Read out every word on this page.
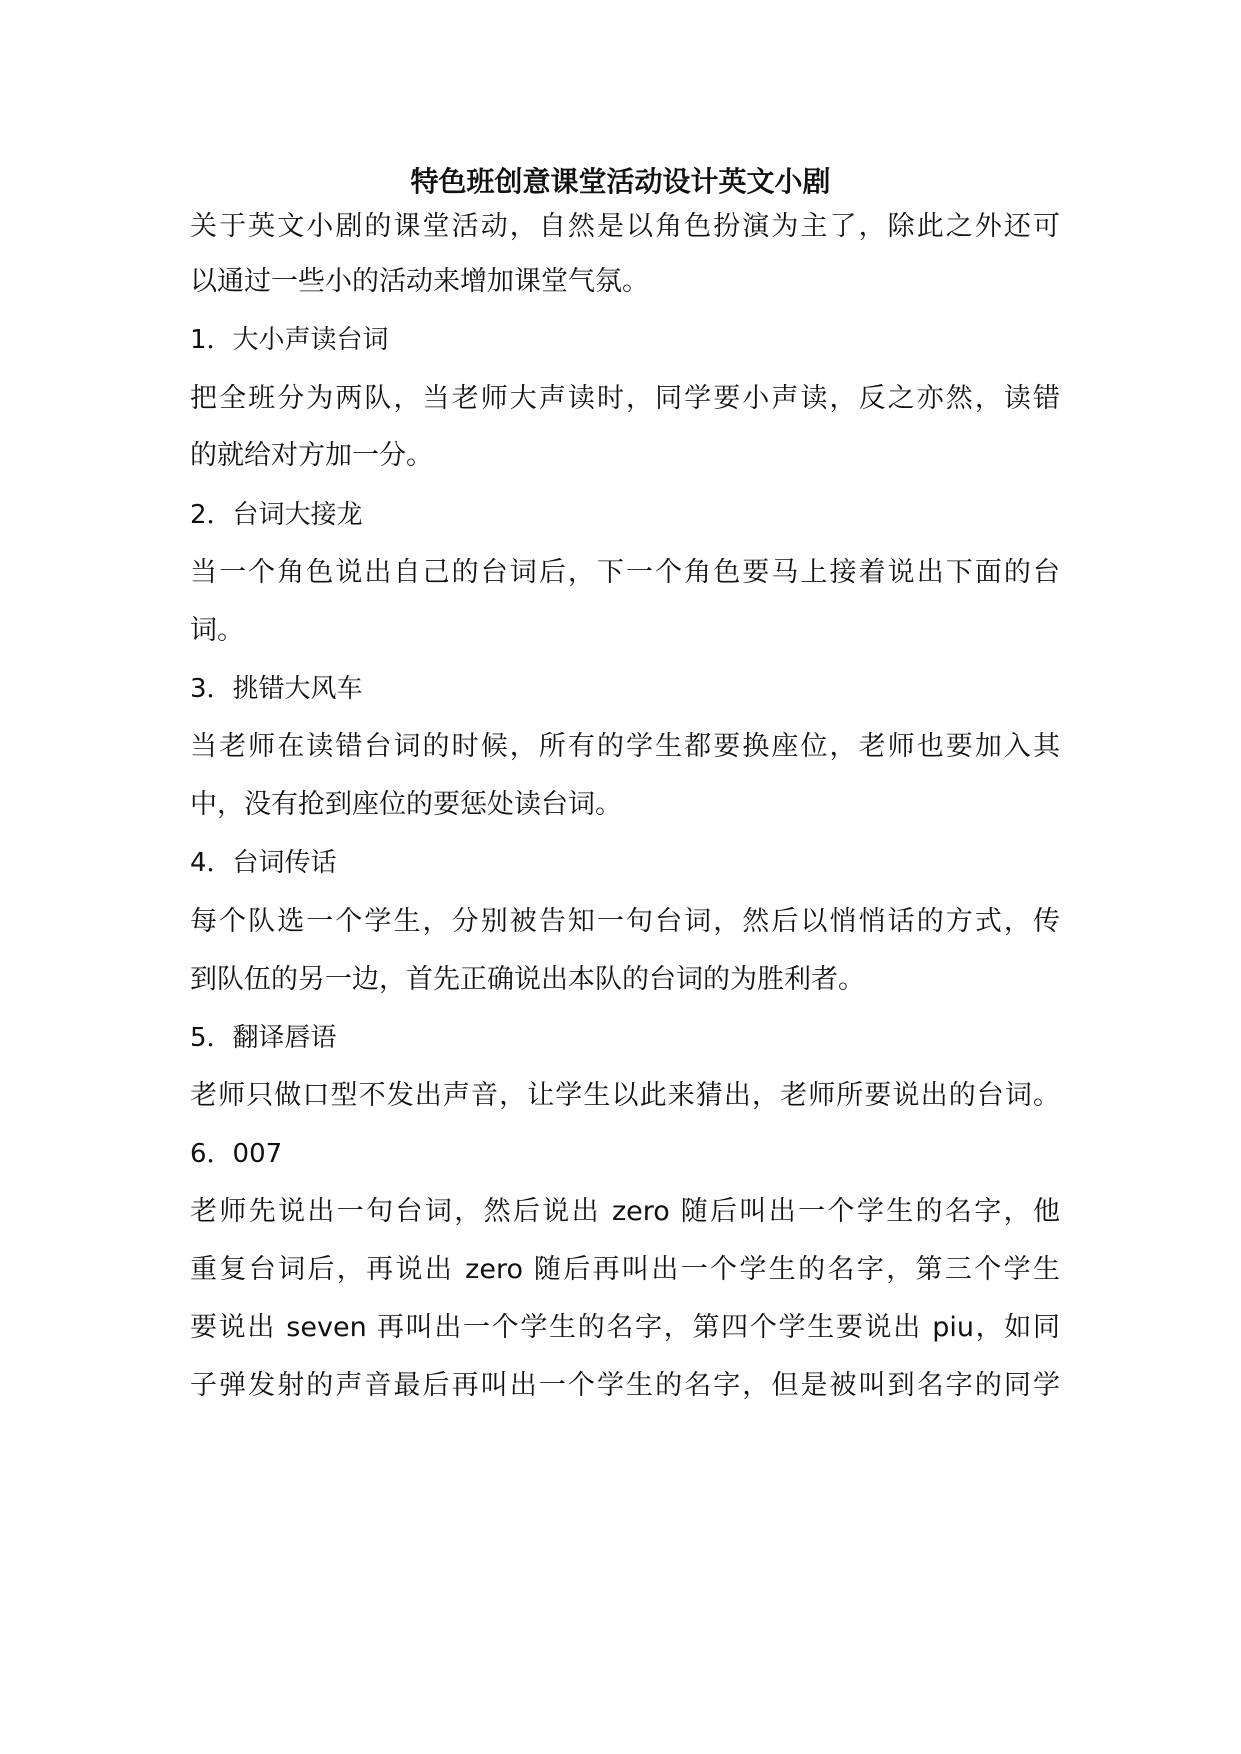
特色班创意课堂活动设计英文小剧

关于英文小剧的课堂活动，自然是以角色扮演为主了，除此之外还可

以通过一些小的活动来增加课堂气氛。

1．大小声读台词

把全班分为两队，当老师大声读时，同学要小声读，反之亦然，读错

的就给对方加一分。

2．台词大接龙

当一个角色说出自己的台词后，下一个角色要马上接着说出下面的台

词。

3．挑错大风车

当老师在读错台词的时候，所有的学生都要换座位，老师也要加入其

中，没有抢到座位的要惩处读台词。

4．台词传话

每个队选一个学生，分别被告知一句台词，然后以悄悄话的方式，传

到队伍的另一边，首先正确说出本队的台词的为胜利者。

5．翻译唇语

老师只做口型不发出声音，让学生以此来猜出，老师所要说出的台词。

6．007

老师先说出一句台词，然后说出 zero 随后叫出一个学生的名字，他

重复台词后，再说出 zero 随后再叫出一个学生的名字，第三个学生

要说出 seven 再叫出一个学生的名字，第四个学生要说出 piu，如同

子弹发射的声音最后再叫出一个学生的名字，但是被叫到名字的同学
